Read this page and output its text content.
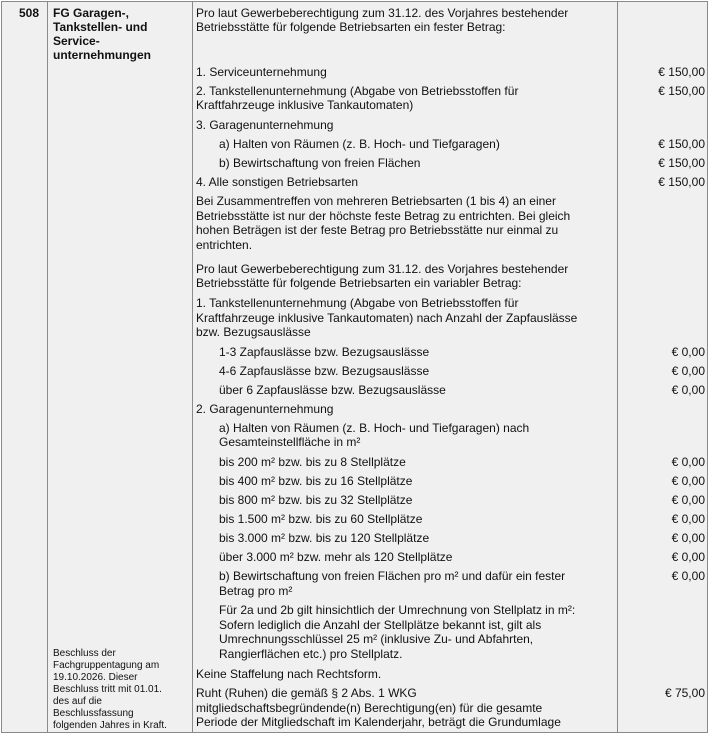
508 FG Garagen-,
Tankstellen- und
Service-
unternehmungen
Beschluss der
Fachgruppentagung am
19.10.2026. Dieser
Beschluss tritt mit 01.01.
des auf die
Beschlussfassung
folgenden Jahres in Kraft.
Pro laut Gewerbeberechtigung zum 31.12. des Vorjahres bestehender
Betriebsstätte für folgende Betriebsarten ein fester Betrag:
1. Serviceunternehmung
2. Tankstellenunternehmung (Abgabe von Betriebsstoffen für
Kraftfahrzeuge inklusive Tankautomaten)
3. Garagenunternehmung
a) Halten von Räumen (z. B. Hoch- und Tiefgaragen)
b) Bewirtschaftung von freien Flächen
4. Alle sonstigen Betriebsarten
Bei Zusammentreffen von mehreren Betriebsarten (1 bis 4) an einer
Betriebsstätte ist nur der höchste feste Betrag zu entrichten. Bei gleich
hohen Beträgen ist der feste Betrag pro Betriebsstätte nur einmal zu
entrichten.
Pro laut Gewerbeberechtigung zum 31.12. des Vorjahres bestehender
Betriebsstätte für folgende Betriebsarten ein variabler Betrag:
1. Tankstellenunternehmung (Abgabe von Betriebsstoffen für
Kraftfahrzeuge inklusive Tankautomaten) nach Anzahl der Zapfauslässe
bzw. Bezugsauslässe
1-3 Zapfauslässe bzw. Bezugsauslässe
4-6 Zapfauslässe bzw. Bezugsauslässe
über 6 Zapfauslässe bzw. Bezugsauslässe
2. Garagenunternehmung
a) Halten von Räumen (z. B. Hoch- und Tiefgaragen) nach
Gesamteinstellfläche in m²
bis 200 m² bzw. bis zu 8 Stellplätze
bis 400 m² bzw. bis zu 16 Stellplätze
bis 800 m² bzw. bis zu 32 Stellplätze
bis 1.500 m² bzw. bis zu 60 Stellplätze
bis 3.000 m² bzw. bis zu 120 Stellplätze
über 3.000 m² bzw. mehr als 120 Stellplätze
b) Bewirtschaftung von freien Flächen pro m² und dafür ein fester
Betrag pro m²
Für 2a und 2b gilt hinsichtlich der Umrechnung von Stellplatz in m²:
Sofern lediglich die Anzahl der Stellplätze bekannt ist, gilt als
Umrechnungsschlüssel 25 m² (inklusive Zu- und Abfahrten,
Rangierflächen etc.) pro Stellplatz.
Keine Staffelung nach Rechtsform.
Ruht (Ruhen) die gemäß § 2 Abs. 1 WKG
mitgliedschaftsbegründende(n) Berechtigung(en) für die gesamte
Periode der Mitgliedschaft im Kalenderjahr, beträgt die Grundumlage
€ 150,00
€ 150,00
€ 150,00
€ 150,00
€ 150,00
€ 0,00
€ 0,00
€ 0,00
€ 0,00
€ 0,00
€ 0,00
€ 0,00
€ 0,00
€ 0,00
€ 0,00
€ 75,00
